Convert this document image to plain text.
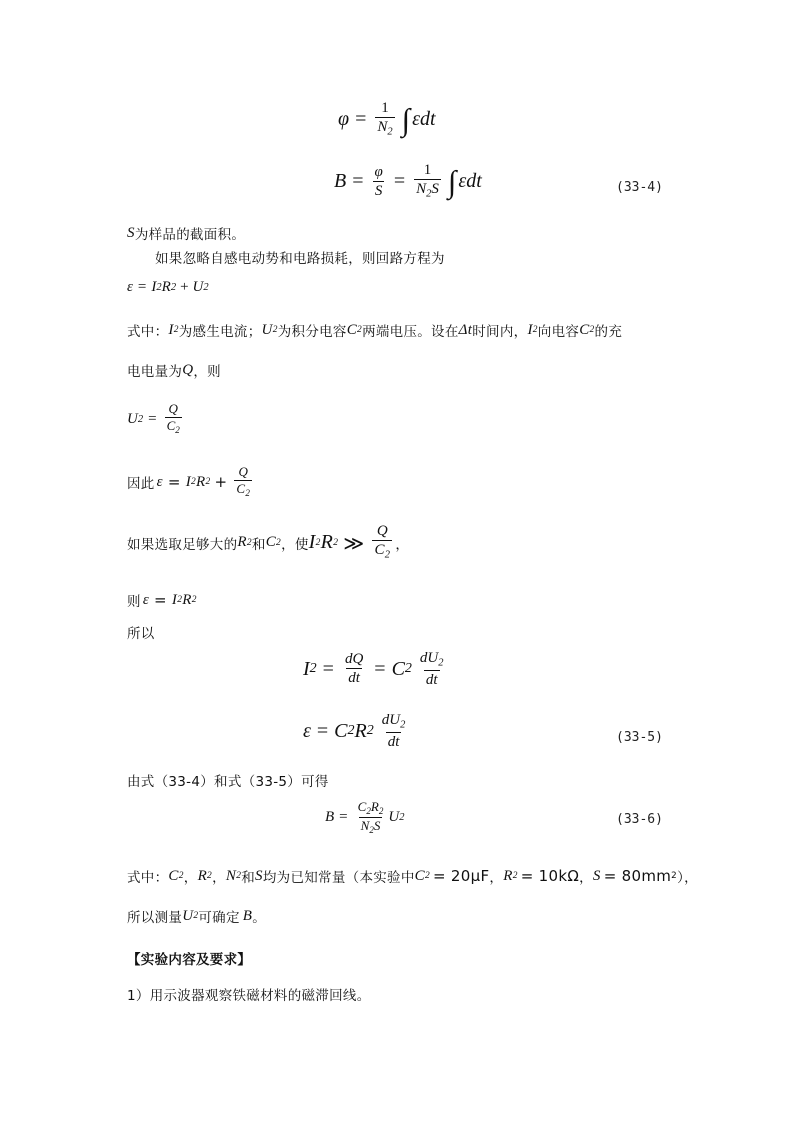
$\varphi = \frac{1}{N_2}$ ∫ εdt
$B = \frac{\varphi}{S} = \frac{1}{N_2S}$ ∫ εdt	(33-4)
S 为样品的截面积。
如果忽略自感电动势和电路损耗，则回路方程为
ε = I 2 R 2 + U 2
式中： I 2 为感生电流； U 2 为积分电容 C 2 两端电压。设在 Δt 时间内， I 2 向电容 C 2 的充
电电量为 Q ，则
U $2 = \frac{Q}{C_2}$
因此 ε = I 2 R $2 + \frac{Q}{C_2}$
如果选取足够大的 R 2 和 C 2 ，使 I 2 R 2 ≫ $\frac{Q}{C_2}$ ，
则 ε = I 2 R 2
所以
I $2 = \frac{dQ}{dt} = C$ $2 \frac{dU_2}{dt}$
ε = C 2 R $2 \frac{dU_2}{dt}$	(33-5)
由式（33-4）和式（33-5）可得
$B = \frac{C_2R_2}{N_2S}$ U 2	(33-6)
式中： C 2 ， R 2 ， N 2 和 S 均为已知常量（本实验中 C 2 = 20μF ， R 2 = 10kΩ ， S = 80mm 2 ），
所以测量 U 2 可确定 B 。
【实验内容及要求】
1）用示波器观察铁磁材料的磁滞回线。
